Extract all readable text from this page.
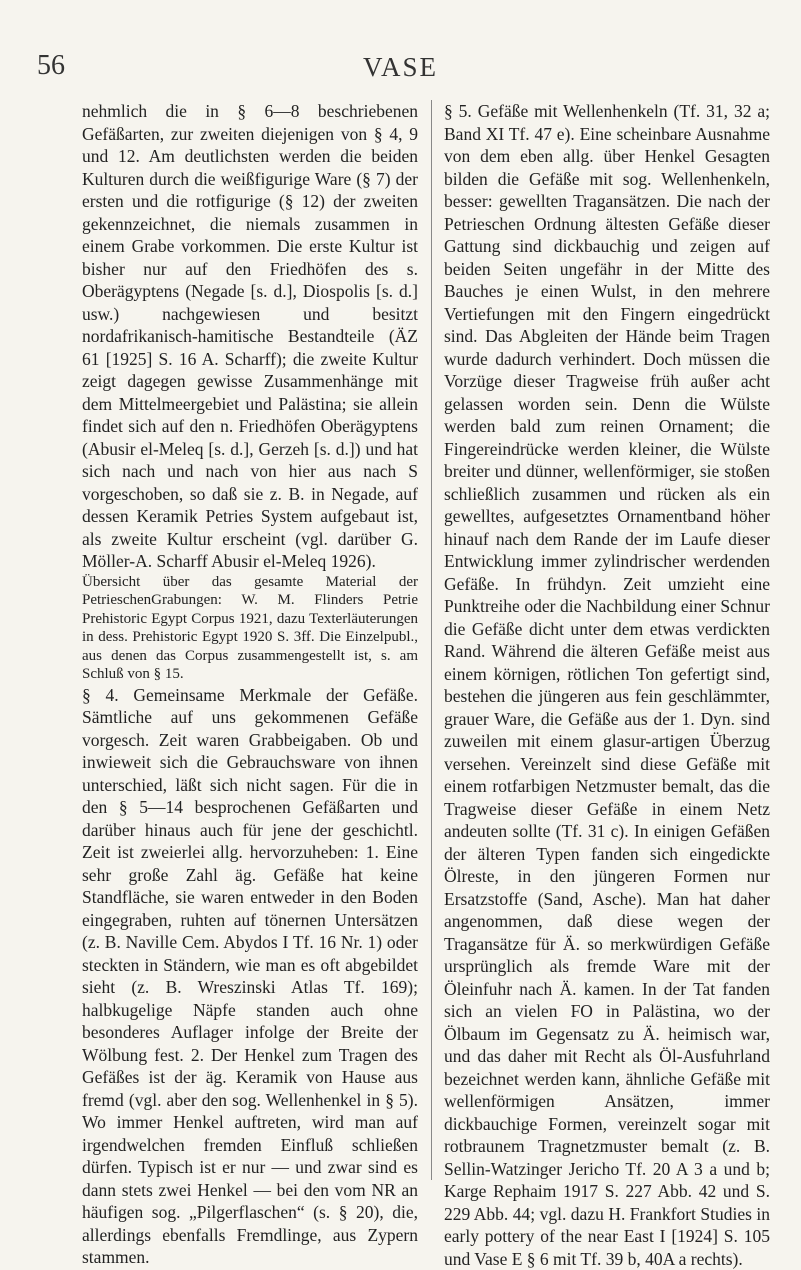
56	VASE

nehmlich die in § 6—8 beschriebenen Gefäßarten, zur zweiten diejenigen von § 4, 9 und 12. Am deutlichsten werden die beiden Kulturen durch die weißfigurige Ware (§ 7) der ersten und die rotfigurige (§ 12) der zweiten gekennzeichnet, die niemals zusammen in einem Grabe vorkommen. Die erste Kultur ist bisher nur auf den Friedhöfen des s. Oberägyptens (Negade [s. d.], Diospolis [s. d.] usw.) nachgewiesen und besitzt nordafrikanisch-hamitische Bestandteile (ÄZ 61 [1925] S. 16 A. Scharff); die zweite Kultur zeigt dagegen gewisse Zusammenhänge mit dem Mittelmeergebiet und Palästina; sie allein findet sich auf den n. Friedhöfen Oberägyptens (Abusir el-Meleq [s. d.], Gerzeh [s. d.]) und hat sich nach und nach von hier aus nach S vorgeschoben, so daß sie z. B. in Negade, auf dessen Keramik Petries System aufgebaut ist, als zweite Kultur erscheint (vgl. darüber G. Möller-A. Scharff Abusir el-Meleq 1926).

Übersicht über das gesamte Material der PetrieschenGrabungen: W. M. Flinders Petrie Prehistoric Egypt Corpus 1921, dazu Texterläuterungen in dess. Prehistoric Egypt 1920 S. 3ff. Die Einzelpubl., aus denen das Corpus zusammengestellt ist, s. am Schluß von § 15.

§ 4. Gemeinsame Merkmale der Gefäße. Sämtliche auf uns gekommenen Gefäße vorgesch. Zeit waren Grabbeigaben. Ob und inwieweit sich die Gebrauchsware von ihnen unterschied, läßt sich nicht sagen. Für die in den § 5—14 besprochenen Gefäßarten und darüber hinaus auch für jene der geschichtl. Zeit ist zweierlei allg. hervorzuheben: 1. Eine sehr große Zahl äg. Gefäße hat keine Standfläche, sie waren entweder in den Boden eingegraben, ruhten auf tönernen Untersätzen (z. B. Naville Cem. Abydos I Tf. 16 Nr. 1) oder steckten in Ständern, wie man es oft abgebildet sieht (z. B. Wreszinski Atlas Tf. 169); halbkugelige Näpfe standen auch ohne besonderes Auflager infolge der Breite der Wölbung fest. 2. Der Henkel zum Tragen des Gefäßes ist der äg. Keramik von Hause aus fremd (vgl. aber den sog. Wellenhenkel in § 5). Wo immer Henkel auftreten, wird man auf irgendwelchen fremden Einfluß schließen dürfen. Typisch ist er nur — und zwar sind es dann stets zwei Henkel — bei den vom NR an häufigen sog. „Pilgerflaschen“ (s. § 20), die, allerdings ebenfalls Fremdlinge, aus Zypern stammen.

§ 5. Gefäße mit Wellenhenkeln (Tf. 31, 32 a; Band XI Tf. 47 e). Eine scheinbare Ausnahme von dem eben allg. über Henkel Gesagten bilden die Gefäße mit sog. Wellenhenkeln, besser: gewellten Tragansätzen. Die nach der Petrieschen Ordnung ältesten Gefäße dieser Gattung sind dickbauchig und zeigen auf beiden Seiten ungefähr in der Mitte des Bauches je einen Wulst, in den mehrere Vertiefungen mit den Fingern eingedrückt sind. Das Abgleiten der Hände beim Tragen wurde dadurch verhindert. Doch müssen die Vorzüge dieser Tragweise früh außer acht gelassen worden sein. Denn die Wülste werden bald zum reinen Ornament; die Fingereindrücke werden kleiner, die Wülste breiter und dünner, wellenförmiger, sie stoßen schließlich zusammen und rücken als ein gewelltes, aufgesetztes Ornamentband höher hinauf nach dem Rande der im Laufe dieser Entwicklung immer zylindrischer werdenden Gefäße. In frühdyn. Zeit umzieht eine Punktreihe oder die Nachbildung einer Schnur die Gefäße dicht unter dem etwas verdickten Rand. Während die älteren Gefäße meist aus einem körnigen, rötlichen Ton gefertigt sind, bestehen die jüngeren aus fein geschlämmter, grauer Ware, die Gefäße aus der 1. Dyn. sind zuweilen mit einem glasur-artigen Überzug versehen. Vereinzelt sind diese Gefäße mit einem rotfarbigen Netzmuster bemalt, das die Tragweise dieser Gefäße in einem Netz andeuten sollte (Tf. 31 c). In einigen Gefäßen der älteren Typen fanden sich eingedickte Ölreste, in den jüngeren Formen nur Ersatzstoffe (Sand, Asche). Man hat daher angenommen, daß diese wegen der Tragansätze für Ä. so merkwürdigen Gefäße ursprünglich als fremde Ware mit der Öleinfuhr nach Ä. kamen. In der Tat fanden sich an vielen FO in Palästina, wo der Ölbaum im Gegensatz zu Ä. heimisch war, und das daher mit Recht als Öl-Ausfuhrland bezeichnet werden kann, ähnliche Gefäße mit wellenförmigen Ansätzen, immer dickbauchige Formen, vereinzelt sogar mit rotbraunem Tragnetzmuster bemalt (z. B. Sellin-Watzinger Jericho Tf. 20 A 3 a und b; Karge Rephaim 1917 S. 227 Abb. 42 und S. 229 Abb. 44; vgl. dazu H. Frankfort Studies in early pottery of the near East I [1924] S. 105 und Vase E § 6 mit Tf. 39 b, 40A a rechts).
